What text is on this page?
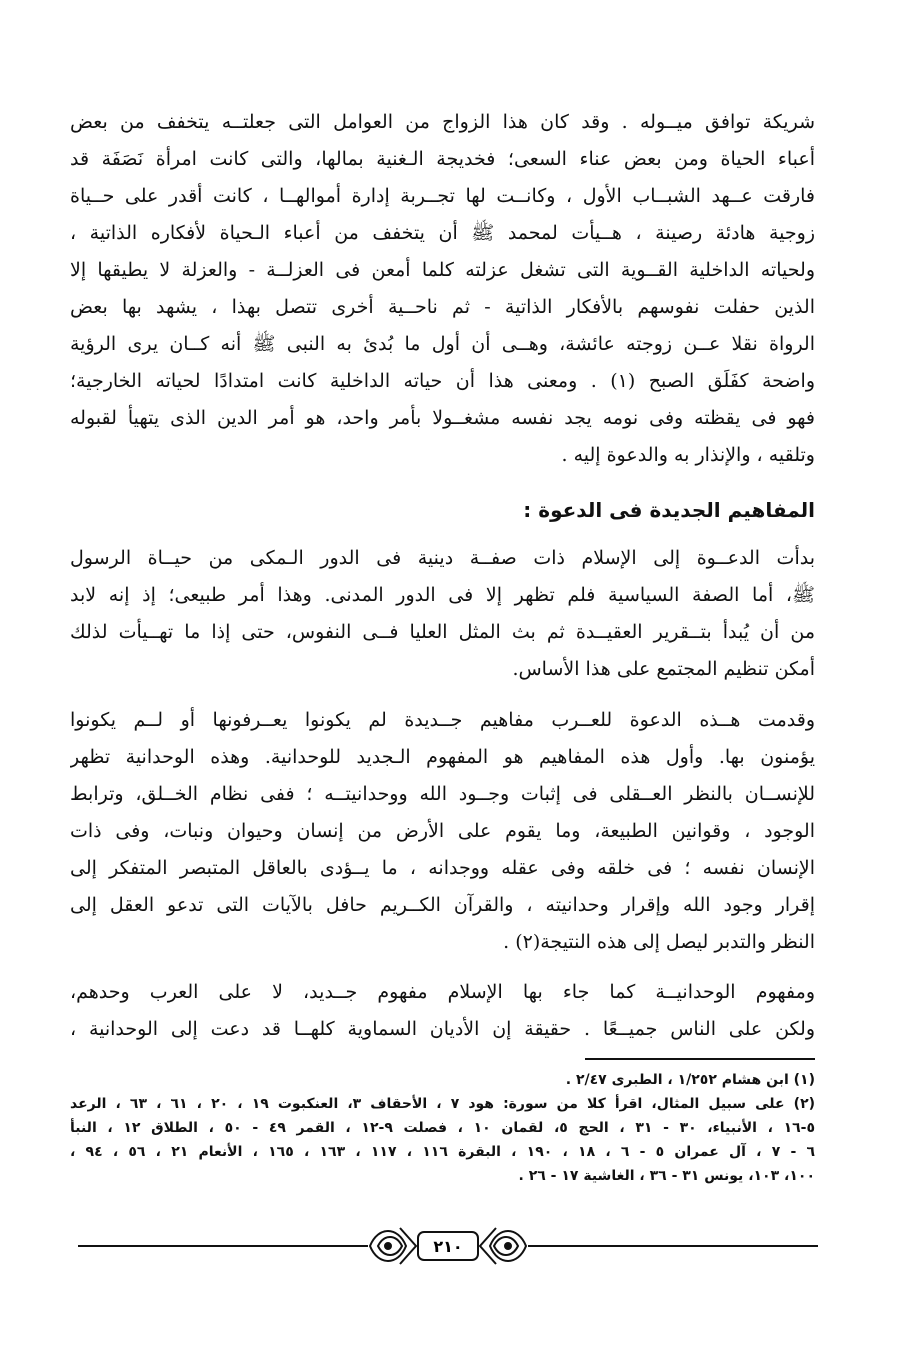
شريكة توافق ميــوله . وقد كان هذا الزواج من العوامل التى جعلتــه يتخفف من بعض
أعباء الحياة ومن بعض عناء السعى؛ فخديجة الـغنية بمالها، والتى كانت امرأة نَصَفَة قد
فارقت عــهد الشبــاب الأول ، وكانــت لها تجــربة إدارة أموالهــا ، كانت أقدر على حــياة
زوجية هادئة رصينة ، هــيأت لمحمد ﷺ أن يتخفف من أعباء الـحياة لأفكاره الذاتية ،
ولحياته الداخلية القــوية التى تشغل عزلته كلما أمعن فى العزلــة - والعزلة لا يطيقها إلا
الذين حفلت نفوسهم بالأفكار الذاتية - ثم ناحــية أخرى تتصل بهذا ، يشهد بها بعض
الرواة نقلا عــن زوجته عائشة، وهــى أن أول ما بُدئ به النبى ﷺ أنه كــان يرى الرؤية
واضحة كفَلَق الصبح (١) . ومعنى هذا أن حياته الداخلية كانت امتدادًا لحياته الخارجية؛
فهو فى يقظته وفى نومه يجد نفسه مشغــولا بأمر واحد، هو أمر الدين الذى يتهيأ لقبوله
وتلقيه ، والإنذار به والدعوة إليه .
المفاهيم الجديدة فى الدعوة :
بدأت الدعــوة إلى الإسلام ذات صفــة دينية فى الدور الـمكى من حيــاة الرسول
ﷺ، أما الصفة السياسية فلم تظهر إلا فى الدور المدنى. وهذا أمر طبيعى؛ إذ إنه لابد
من أن يُبدأ بتــقرير العقيــدة ثم بث المثل العليا فــى النفوس، حتى إذا ما تهــيأت لذلك
أمكن تنظيم المجتمع على هذا الأساس.
وقدمت هــذه الدعوة للعــرب مفاهيم جــديدة لم يكونوا يعــرفونها أو لــم يكونوا
يؤمنون بها. وأول هذه المفاهيم هو المفهوم الـجديد للوحدانية. وهذه الوحدانية تظهر
للإنســان بالنظر العــقلى فى إثبات وجــود الله ووحدانيتــه ؛ ففى نظام الخــلق، وترابط
الوجود ، وقوانين الطبيعة، وما يقوم على الأرض من إنسان وحيوان ونبات، وفى ذات
الإنسان نفسه ؛ فى خلقه وفى عقله ووجدانه ، ما يــؤدى بالعاقل المتبصر المتفكر إلى
إقرار وجود الله وإقرار وحدانيته ، والقرآن الكــريم حافل بالآيات التى تدعو العقل إلى
النظر والتدبر ليصل إلى هذه النتيجة(٢) .
ومفهوم الوحدانيــة كما جاء بها الإسلام مفهوم جــديد، لا على العرب وحدهم،
ولكن على الناس جميــعًا . حقيقة إن الأديان السماوية كلهــا قد دعت إلى الوحدانية ،
(١) ابن هشام ١/٢٥٢ ، الطبرى ٢/٤٧ .
(٢) على سبيل المثال، اقرأ كلا من سورة: هود ٧ ، الأحقاف ٣، العنكبوت ١٩ ، ٢٠ ، ٦١ ، ٦٣ ، الرعد
٥-١٦ ، الأنبياء، ٣٠ - ٣١ ، الحج ٥، لقمان ١٠ ، فصلت ٩-١٢ ، القمر ٤٩ - ٥٠ ، الطلاق ١٢ ، النبأ
٦ - ٧ ، آل عمران ٥ - ٦ ، ١٨ ، ١٩٠ ، البقرة ١١٦ ، ١١٧ ، ١٦٣ ، ١٦٥ ، الأنعام ٢١ ، ٥٦ ، ٩٤ ،
١٠٠، ١٠٣، يونس ٣١ - ٣٦ ، الغاشية ١٧ - ٢٦ .
٢١٠
